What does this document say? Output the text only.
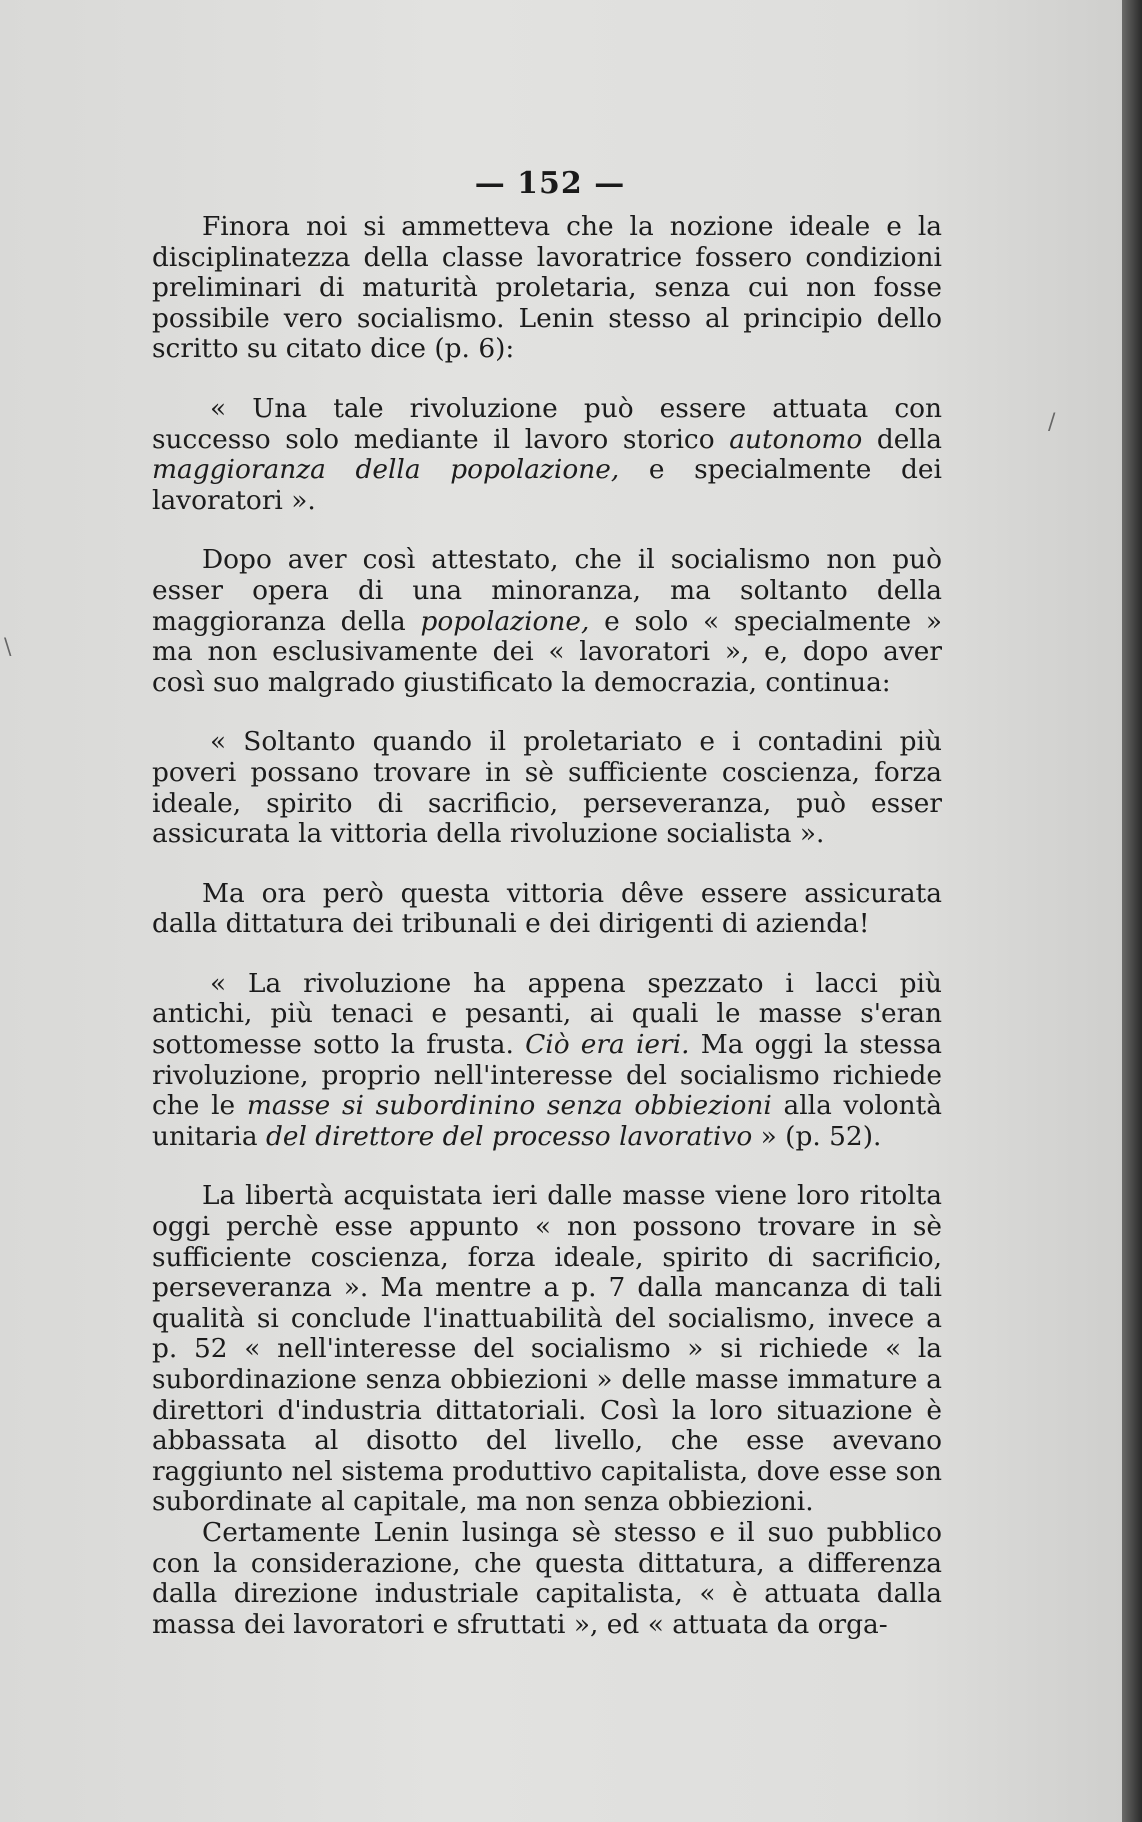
— 152 —

Finora noi si ammetteva che la nozione ideale e la disciplinatezza della classe lavoratrice fossero condizioni preliminari di maturità proletaria, senza cui non fosse possibile vero socialismo. Lenin stesso al principio dello scritto su citato dice (p. 6):

« Una tale rivoluzione può essere attuata con successo solo mediante il lavoro storico autonomo della maggioranza della popolazione, e specialmente dei lavoratori ».

Dopo aver così attestato, che il socialismo non può esser opera di una minoranza, ma soltanto della maggioranza della popolazione, e solo « specialmente » ma non esclusivamente dei « lavoratori », e, dopo aver così suo malgrado giustificato la democrazia, continua:

« Soltanto quando il proletariato e i contadini più poveri possano trovare in sè sufficiente coscienza, forza ideale, spirito di sacrificio, perseveranza, può esser assicurata la vittoria della rivoluzione socialista ».

Ma ora però questa vittoria dêve essere assicurata dalla dittatura dei tribunali e dei dirigenti di azienda!

« La rivoluzione ha appena spezzato i lacci più antichi, più tenaci e pesanti, ai quali le masse s'eran sottomesse sotto la frusta. Ciò era ieri. Ma oggi la stessa rivoluzione, proprio nell'interesse del socialismo richiede che le masse si subordinino senza obbiezioni alla volontà unitaria del direttore del processo lavorativo » (p. 52).

La libertà acquistata ieri dalle masse viene loro ritolta oggi perchè esse appunto « non possono trovare in sè sufficiente coscienza, forza ideale, spirito di sacrificio, perseveranza ». Ma mentre a p. 7 dalla mancanza di tali qualità si conclude l'inattuabilità del socialismo, invece a p. 52 « nell'interesse del socialismo » si richiede « la subordinazione senza obbiezioni » delle masse immature a direttori d'industria dittatoriali. Così la loro situazione è abbassata al disotto del livello, che esse avevano raggiunto nel sistema produttivo capitalista, dove esse son subordinate al capitale, ma non senza obbiezioni.

Certamente Lenin lusinga sè stesso e il suo pubblico con la considerazione, che questa dittatura, a differenza dalla direzione industriale capitalista, « è attuata dalla massa dei lavoratori e sfruttati », ed « attuata da orga-

/
\
